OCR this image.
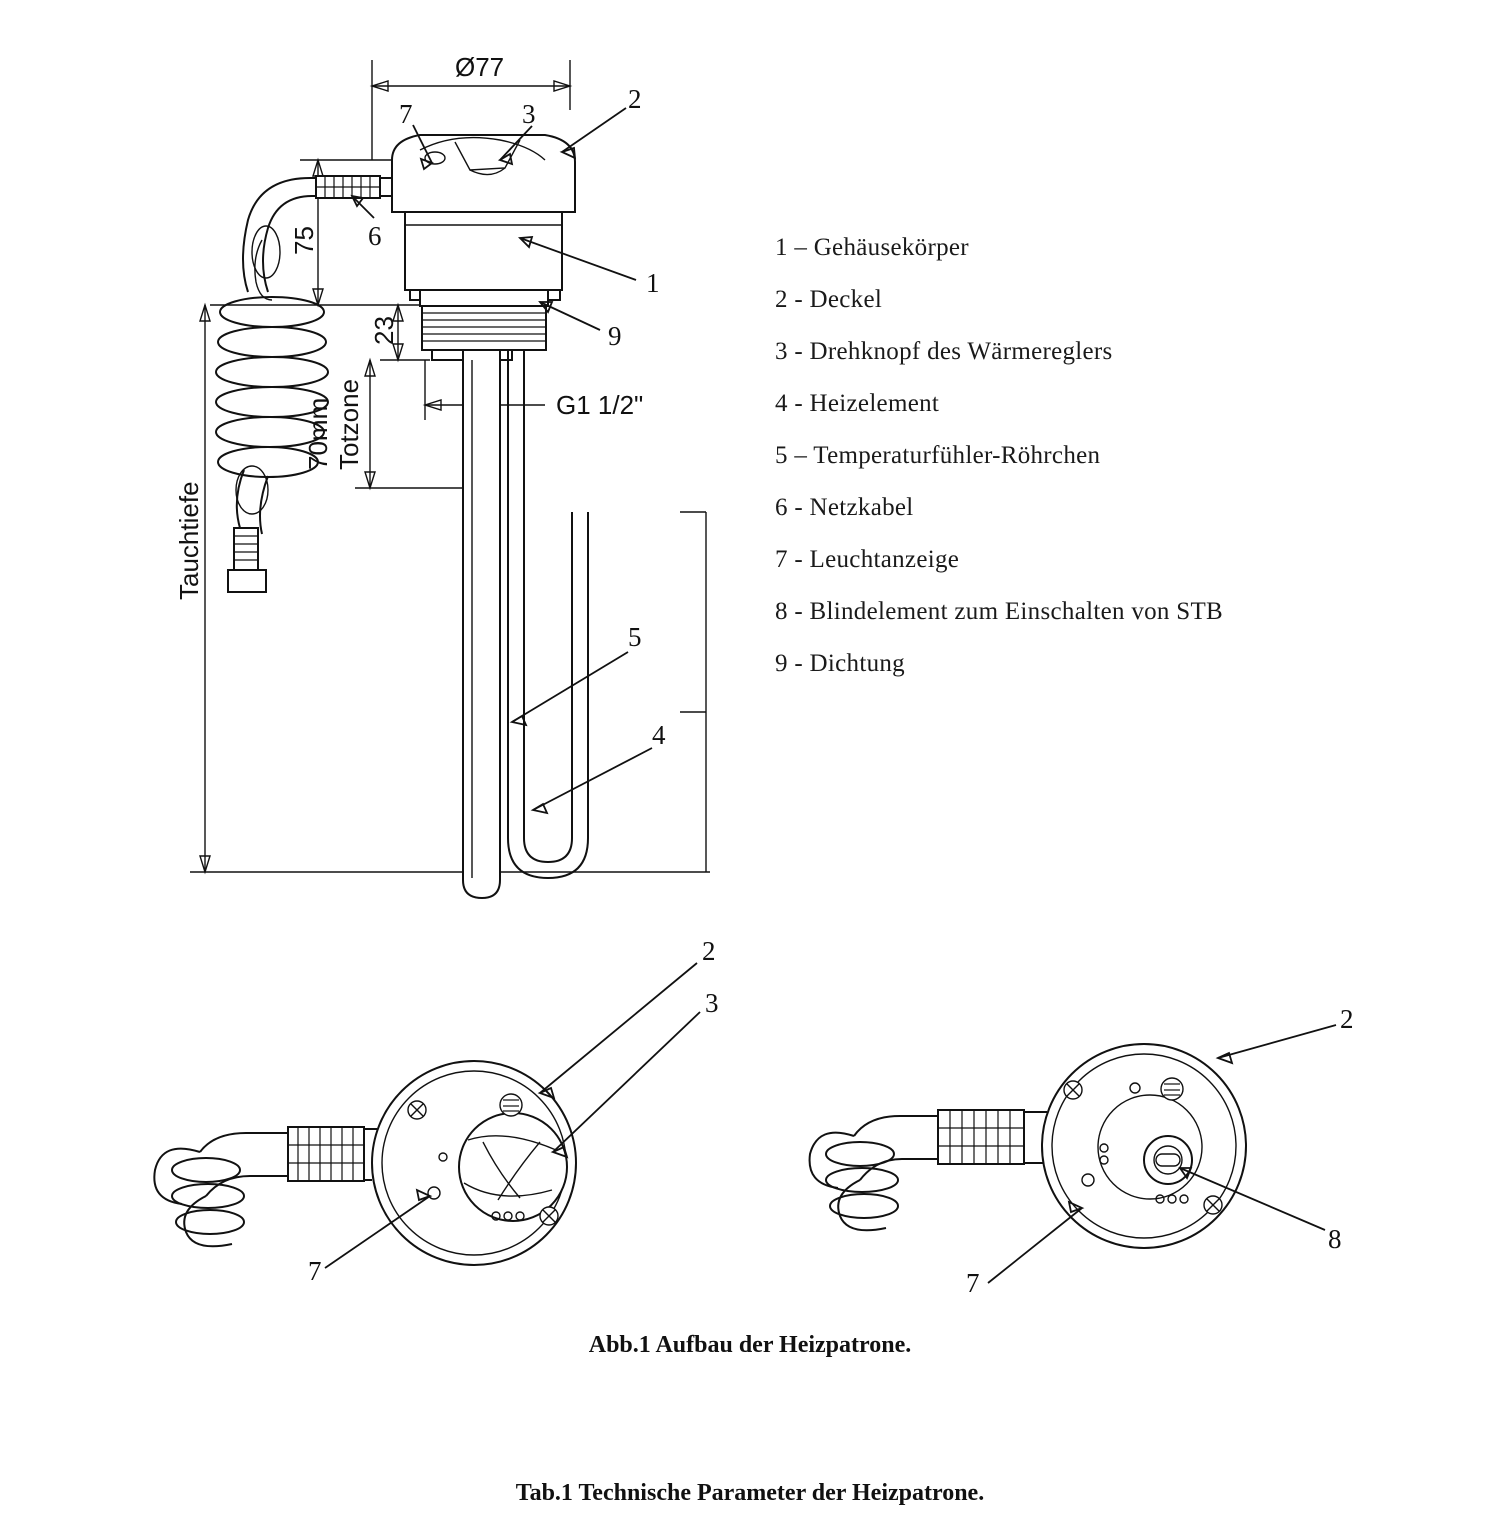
Ø77
75
23
70mm Totzone
Tauchtiefe
G1 1/2"
7	3	2
6
1
9
5
4
2
3
7
2
8
7
1 – Gehäusekörper
2 - Deckel
3 - Drehknopf des Wärmereglers
4 - Heizelement
5 – Temperaturfühler-Röhrchen
6 - Netzkabel
7 - Leuchtanzeige
8 - Blindelement zum Einschalten von STB
9 - Dichtung
Abb.1 Aufbau der Heizpatrone.
Tab.1 Technische Parameter der Heizpatrone.
